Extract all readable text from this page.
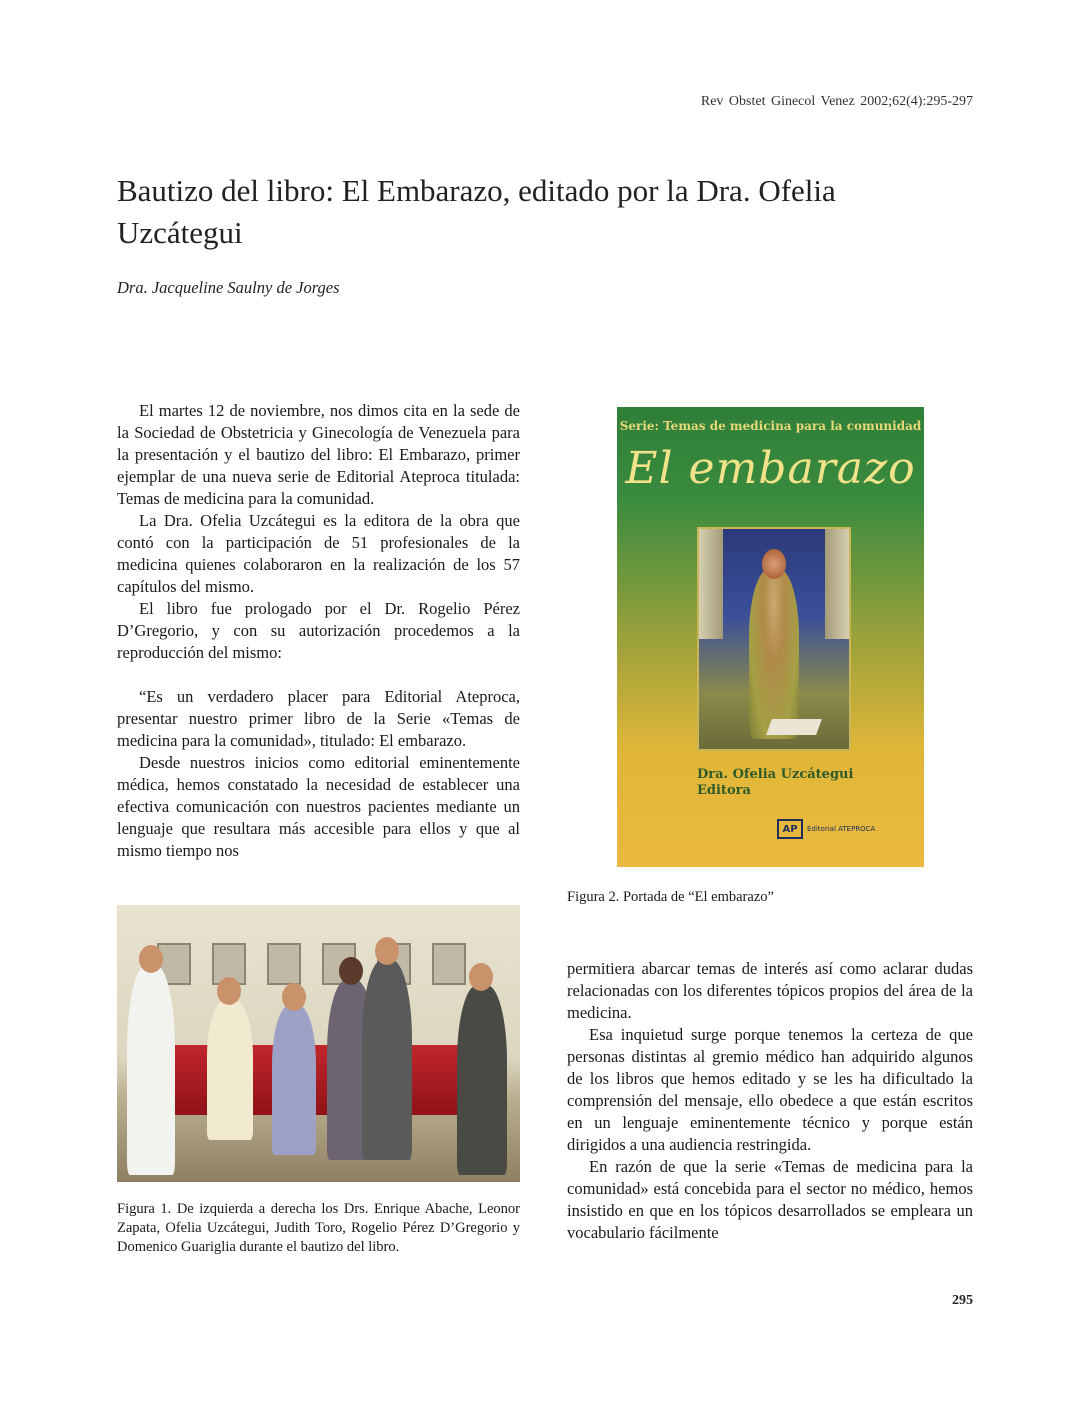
Rev Obstet Ginecol Venez 2002;62(4):295-297
Bautizo del libro: El Embarazo, editado por la Dra. Ofelia Uzcátegui
Dra. Jacqueline Saulny de Jorges

El martes 12 de noviembre, nos dimos cita en la sede de la Sociedad de Obstetricia y Ginecología de Venezuela para la presentación y el bautizo del libro: El Embarazo, primer ejemplar de una nueva serie de Editorial Ateproca titulada: Temas de medicina para la comunidad.

La Dra. Ofelia Uzcátegui es la editora de la obra que contó con la participación de 51 profesionales de la medicina quienes colaboraron en la realización de los 57 capítulos del mismo.

El libro fue prologado por el Dr. Rogelio Pérez D’Gregorio, y con su autorización procedemos a la reproducción del mismo:

“Es un verdadero placer para Editorial Ateproca, presentar nuestro primer libro de la Serie «Temas de medicina para la comunidad», titulado: El embarazo.

Desde nuestros inicios como editorial eminentemente médica, hemos constatado la necesidad de establecer una efectiva comunicación con nuestros pacientes mediante un lenguaje que resultara más accesible para ellos y que al mismo tiempo nos

Serie: Temas de medicina para la comunidad
El embarazo
Dra. Ofelia Uzcátegui
Editora
AP	Editorial ATEPROCA
Figura 2. Portada de “El embarazo”
Figura 1. De izquierda a derecha los Drs. Enrique Abache, Leonor Zapata, Ofelia Uzcátegui, Judith Toro, Rogelio Pérez D’Gregorio y Domenico Guariglia durante el bautizo del libro.

permitiera abarcar temas de interés así como aclarar dudas relacionadas con los diferentes tópicos propios del área de la medicina.

Esa inquietud surge porque tenemos la certeza de que personas distintas al gremio médico han adquirido algunos de los libros que hemos editado y se les ha dificultado la comprensión del mensaje, ello obedece a que están escritos en un lenguaje eminentemente técnico y porque están dirigidos a una audiencia restringida.

En razón de que la serie «Temas de medicina para la comunidad» está concebida para el sector no médico, hemos insistido en que en los tópicos desarrollados se empleara un vocabulario fácilmente

295
